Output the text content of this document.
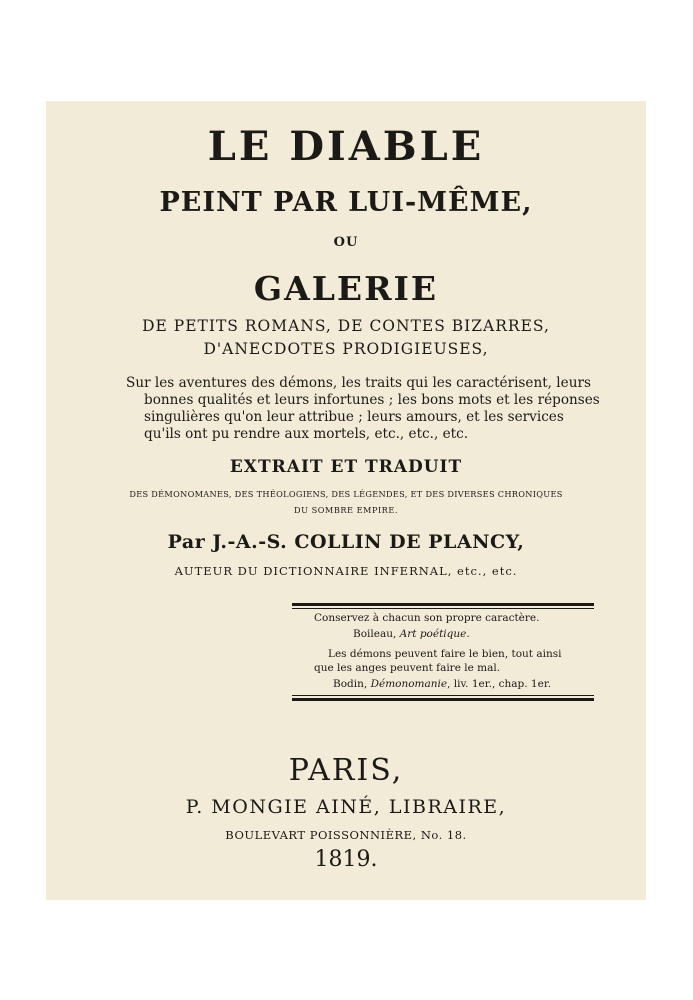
LE DIABLE
PEINT PAR LUI-MÊME,
OU
GALERIE
DE PETITS ROMANS, DE CONTES BIZARRES,
D'ANECDOTES PRODIGIEUSES,
Sur les aventures des démons, les traits qui les caractérisent, leurs
bonnes qualités et leurs infortunes ; les bons mots et les réponses
singulières qu'on leur attribue ; leurs amours, et les services
qu'ils ont pu rendre aux mortels, etc., etc., etc.
EXTRAIT ET TRADUIT
DES DÉMONOMANES, DES THÉOLOGIENS, DES LÉGENDES, ET DES DIVERSES CHRONIQUES
DU SOMBRE EMPIRE.
Par J.-A.-S. COLLIN DE PLANCY,
AUTEUR DU DICTIONNAIRE INFERNAL, etc., etc.
Conservez à chacun son propre caractère.
Boileau, Art poétique.
Les démons peuvent faire le bien, tout ainsi
que les anges peuvent faire le mal.
Bodin, Démonomanie, liv. 1er., chap. 1er.
PARIS,
P. MONGIE AINÉ, LIBRAIRE,
BOULEVART POISSONNIÈRE, No. 18.
1819.
